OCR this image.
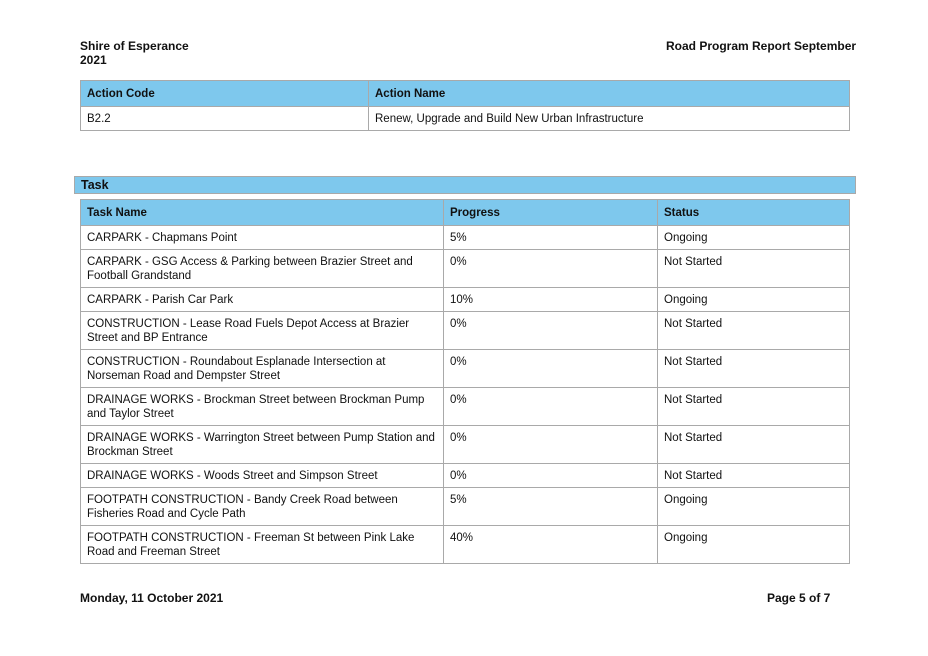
Shire of Esperance
2021
Road Program Report September
Action Code	Action Name
B2.2	Renew, Upgrade and Build New Urban Infrastructure
Task
Task Name	Progress	Status
CARPARK - Chapmans Point	5%	Ongoing
CARPARK - GSG Access & Parking between Brazier Street and Football Grandstand	0%	Not Started
CARPARK - Parish Car Park	10%	Ongoing
CONSTRUCTION - Lease Road Fuels Depot Access at Brazier Street and BP Entrance	0%	Not Started
CONSTRUCTION - Roundabout Esplanade Intersection at Norseman Road and Dempster Street	0%	Not Started
DRAINAGE WORKS - Brockman Street between Brockman Pump and Taylor Street	0%	Not Started
DRAINAGE WORKS - Warrington Street between Pump Station and Brockman Street	0%	Not Started
DRAINAGE WORKS - Woods Street and Simpson Street	0%	Not Started
FOOTPATH CONSTRUCTION - Bandy Creek Road between Fisheries Road and Cycle Path	5%	Ongoing
FOOTPATH CONSTRUCTION - Freeman St between Pink Lake Road and Freeman Street	40%	Ongoing
Monday, 11 October 2021	Page 5 of 7
